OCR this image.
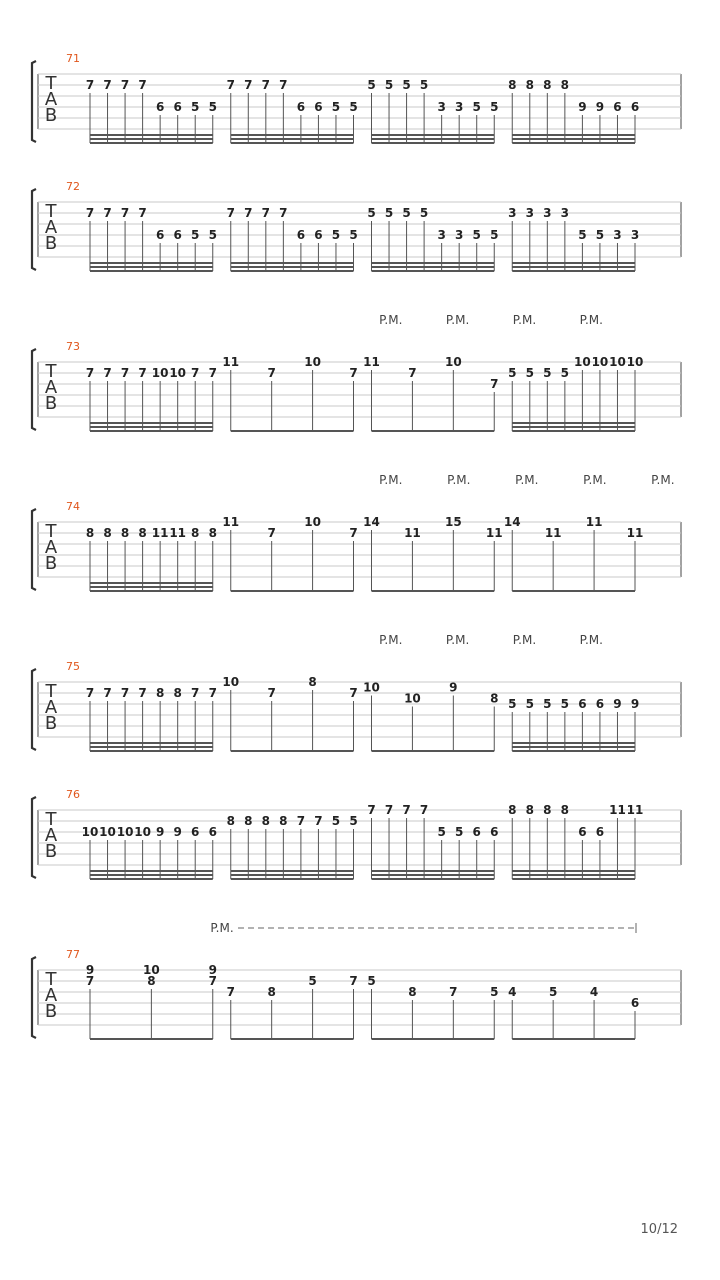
71
T
A
B
7 7 7 7
6 6 5 5
7 7 7 7
6 6 5 5
5 5 5 5
3 3 5 5
8 8 8 8
9 9 6 6
72
T
A
B
7 7 7 7
6 6 5 5
7 7 7 7
6 6 5 5
5 5 5 5
3 3 5 5
3 3 3 3
5 5 3 3
73
T
A
B
7 7 7 7 10 10 7 7
11
7
10
7
11
7
10
7
5 5 5 5
10 10 10 10
P.M.	P.M.	P.M.	P.M.
74
T
A
B
8 8 8 8 11 11 8 8
11
7
10
7
14
11
15
11
14
11
11
11
P.M.	P.M.	P.M.	P.M.	P.M.
75
T
A
B
7 7 7 7 8 8 7 7
10
7
8
7 10
10
9
8 5 5 5 5 6 6 9 9
P.M.	P.M.	P.M.	P.M.
76
T
A
B
10 10 10 10 9 9 6 6
8 8 8 8 7 7 5 5
7 7 7 7
5 5 6 6
8 8 8 8
6 6
11 11
77
T
A
B
9
7
10
8
9
7
7	8
5	7 5
8	7	5 4	5	4
6
P.M.
10/12
